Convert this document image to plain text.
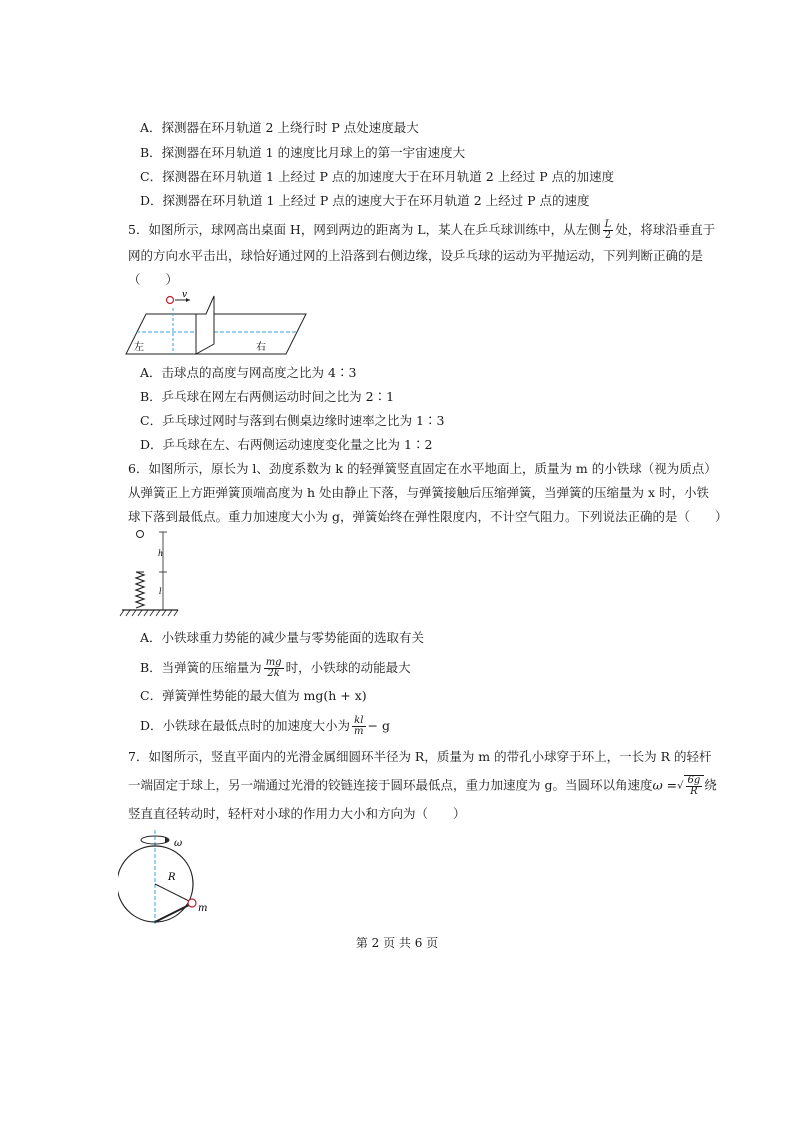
A．探测器在环月轨道 2 上绕行时 P 点处速度最大
B．探测器在环月轨道 1 的速度比月球上的第一宇宙速度大
C．探测器在环月轨道 1 上经过 P 点的加速度大于在环月轨道 2 上经过 P 点的加速度
D．探测器在环月轨道 1 上经过 P 点的速度大于在环月轨道 2 上经过 P 点的速度
5．如图所示，球网高出桌面 H，网到两边的距离为 L，某人在乒乓球训练中，从左侧 $\frac{L}{2}$ 处，将球沿垂直于
网的方向水平击出，球恰好通过网的上沿落到右侧边缘，设乒乓球的运动为平抛运动，下列判断正确的是
（　　）
v
左	右
A．击球点的高度与网高度之比为 4∶3
B．乒乓球在网左右两侧运动时间之比为 2∶1
C．乒乓球过网时与落到右侧桌边缘时速率之比为 1∶3
D．乒乓球在左、右两侧运动速度变化量之比为 1∶2
6．如图所示，原长为 l、劲度系数为 k 的轻弹簧竖直固定在水平地面上，质量为 m 的小铁球（视为质点）
从弹簧正上方距弹簧顶端高度为 h 处由静止下落，与弹簧接触后压缩弹簧，当弹簧的压缩量为 x 时，小铁
球下落到最低点。重力加速度大小为 g，弹簧始终在弹性限度内，不计空气阻力。下列说法正确的是（　　）
h
l
A．小铁球重力势能的减少量与零势能面的选取有关
B．当弹簧的压缩量为 $\frac{mg}{2k}$ 时，小铁球的动能最大
C．弹簧弹性势能的最大值为 mg(h + x)
D．小铁球在最低点时的加速度大小为 $\frac{kl}{m} - g$
7．如图所示，竖直平面内的光滑金属细圆环半径为 R，质量为 m 的带孔小球穿于环上，一长为 R 的轻杆
一端固定于球上，另一端通过光滑的铰链连接于圆环最低点，重力加速度为 g。当圆环以角速度ω =√ $\frac{6g}{R}$ 绕
竖直直径转动时，轻杆对小球的作用力大小和方向为（　　）
ω
R
m
第 2 页 共 6 页
